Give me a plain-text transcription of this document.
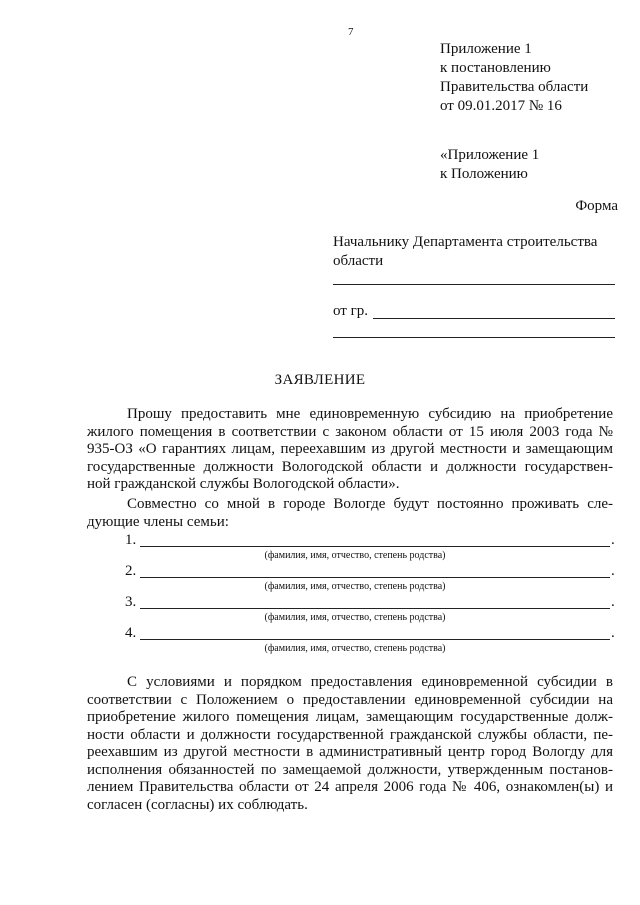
7
Приложение 1
к постановлению
Правительства области
от 09.01.2017 № 16
«Приложение 1
к Положению
Форма
Начальнику Департамента строительства
области
от гр.
ЗАЯВЛЕНИЕ
Прошу предоставить мне единовременную субсидию на приобретение
жилого помещения в соответствии с законом области от 15 июля 2003 года №
935-ОЗ «О гарантиях лицам, переехавшим из другой местности и замещающим
государственные должности Вологодской области и должности государствен-
ной гражданской службы Вологодской области».
Совместно со мной в городе Вологде будут постоянно проживать сле-
дующие члены семьи:
1.	.
(фамилия, имя, отчество, степень родства)
2.	.
(фамилия, имя, отчество, степень родства)
3.	.
(фамилия, имя, отчество, степень родства)
4.	.
(фамилия, имя, отчество, степень родства)
С условиями и порядком предоставления единовременной субсидии в
соответствии с Положением о предоставлении единовременной субсидии на
приобретение жилого помещения лицам, замещающим государственные долж-
ности области и должности государственной гражданской службы области, пе-
реехавшим из другой местности в административный центр город Вологду для
исполнения обязанностей по замещаемой должности, утвержденным постанов-
лением Правительства области от 24 апреля 2006 года № 406, ознакомлен(ы) и
согласен (согласны) их соблюдать.
